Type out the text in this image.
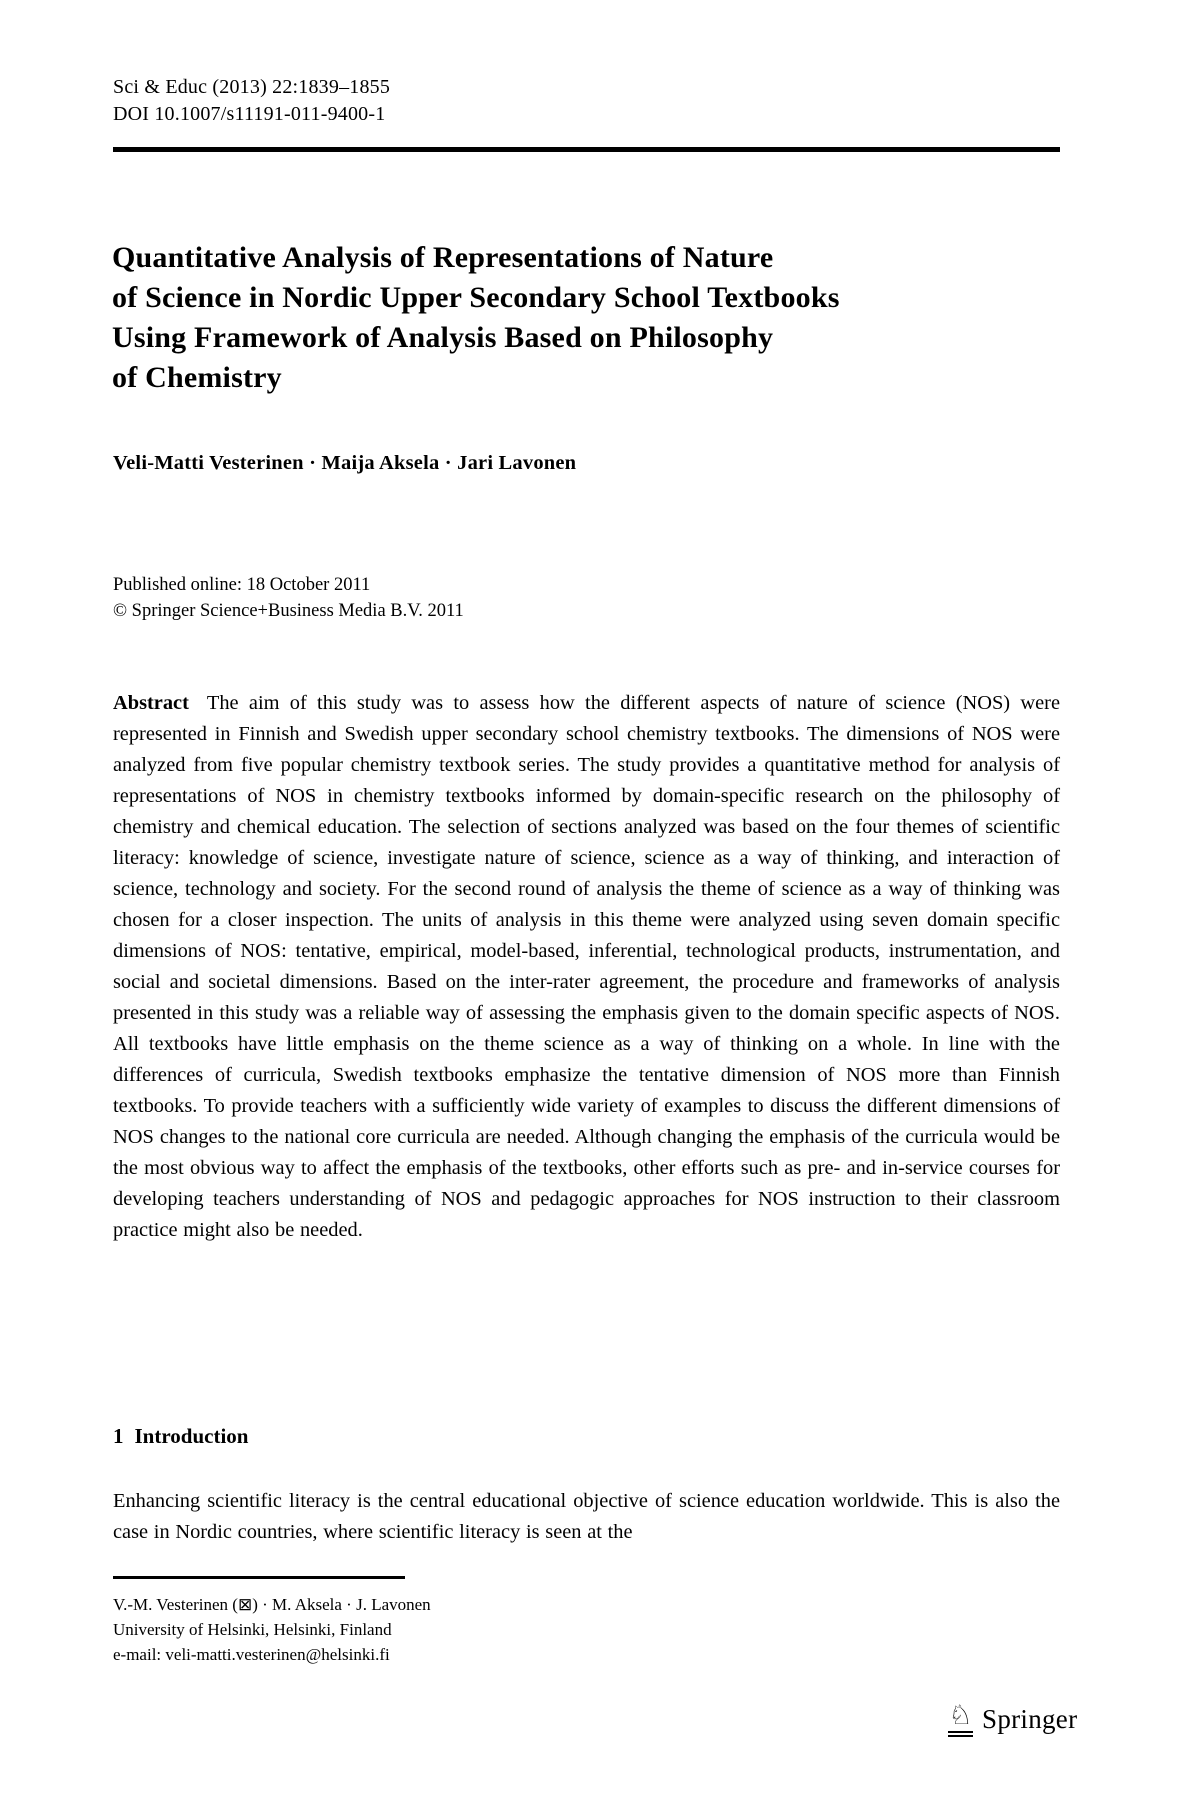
Sci & Educ (2013) 22:1839–1855
DOI 10.1007/s11191-011-9400-1
Quantitative Analysis of Representations of Nature
of Science in Nordic Upper Secondary School Textbooks
Using Framework of Analysis Based on Philosophy
of Chemistry
Veli-Matti Vesterinen · Maija Aksela · Jari Lavonen
Published online: 18 October 2011
© Springer Science+Business Media B.V. 2011
Abstract The aim of this study was to assess how the different aspects of nature of science (NOS) were represented in Finnish and Swedish upper secondary school chemistry textbooks. The dimensions of NOS were analyzed from five popular chemistry textbook series. The study provides a quantitative method for analysis of representations of NOS in chemistry textbooks informed by domain-specific research on the philosophy of chemistry and chemical education. The selection of sections analyzed was based on the four themes of scientific literacy: knowledge of science, investigate nature of science, science as a way of thinking, and interaction of science, technology and society. For the second round of analysis the theme of science as a way of thinking was chosen for a closer inspection. The units of analysis in this theme were analyzed using seven domain specific dimensions of NOS: tentative, empirical, model-based, inferential, technological products, instrumentation, and social and societal dimensions. Based on the inter-rater agreement, the procedure and frameworks of analysis presented in this study was a reliable way of assessing the emphasis given to the domain specific aspects of NOS. All textbooks have little emphasis on the theme science as a way of thinking on a whole. In line with the differences of curricula, Swedish textbooks emphasize the tentative dimension of NOS more than Finnish textbooks. To provide teachers with a sufficiently wide variety of examples to discuss the different dimensions of NOS changes to the national core curricula are needed. Although changing the emphasis of the curricula would be the most obvious way to affect the emphasis of the textbooks, other efforts such as pre- and in-service courses for developing teachers understanding of NOS and pedagogic approaches for NOS instruction to their classroom practice might also be needed.
1 Introduction
Enhancing scientific literacy is the central educational objective of science education worldwide. This is also the case in Nordic countries, where scientific literacy is seen at the
V.-M. Vesterinen (⊠) · M. Aksela · J. Lavonen
University of Helsinki, Helsinki, Finland
e-mail: veli-matti.vesterinen@helsinki.fi
♘ Springer
